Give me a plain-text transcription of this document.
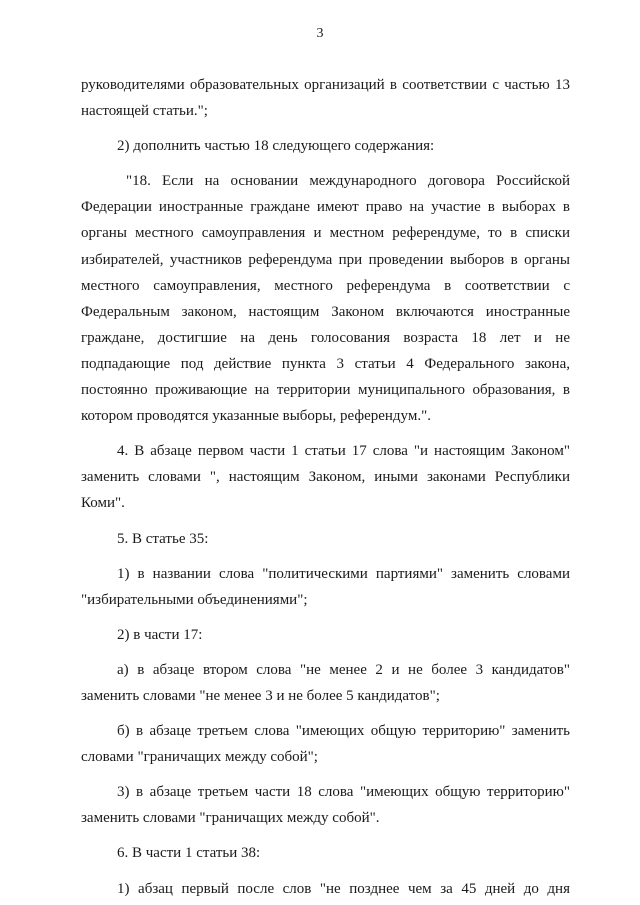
3
руководителями образовательных организаций в соответствии с частью 13
настоящей статьи.";
2) дополнить частью 18 следующего содержания:
"18. Если на основании международного договора Российской
Федерации иностранные граждане имеют право на участие в выборах в
органы местного самоуправления и местном референдуме, то в списки
избирателей, участников референдума при проведении выборов в органы
местного самоуправления, местного референдума в соответствии с
Федеральным законом, настоящим Законом включаются иностранные
граждане, достигшие на день голосования возраста 18 лет и не
подпадающие под действие пункта 3 статьи 4 Федерального закона,
постоянно проживающие на территории муниципального образования, в
котором проводятся указанные выборы, референдум.".
4. В абзаце первом части 1 статьи 17 слова "и настоящим Законом"
заменить словами ", настоящим Законом, иными законами Республики
Коми".
5. В статье 35:
1) в названии слова "политическими партиями" заменить словами
"избирательными объединениями";
2) в части 17:
а) в абзаце втором слова "не менее 2 и не более 3 кандидатов"
заменить словами "не менее 3 и не более 5 кандидатов";
б) в абзаце третьем слова "имеющих общую территорию" заменить
словами "граничащих между собой";
3) в абзаце третьем части 18 слова "имеющих общую территорию"
заменить словами "граничащих между собой".
6. В части 1 статьи 38:
1) абзац первый после слов "не позднее чем за 45 дней до дня
